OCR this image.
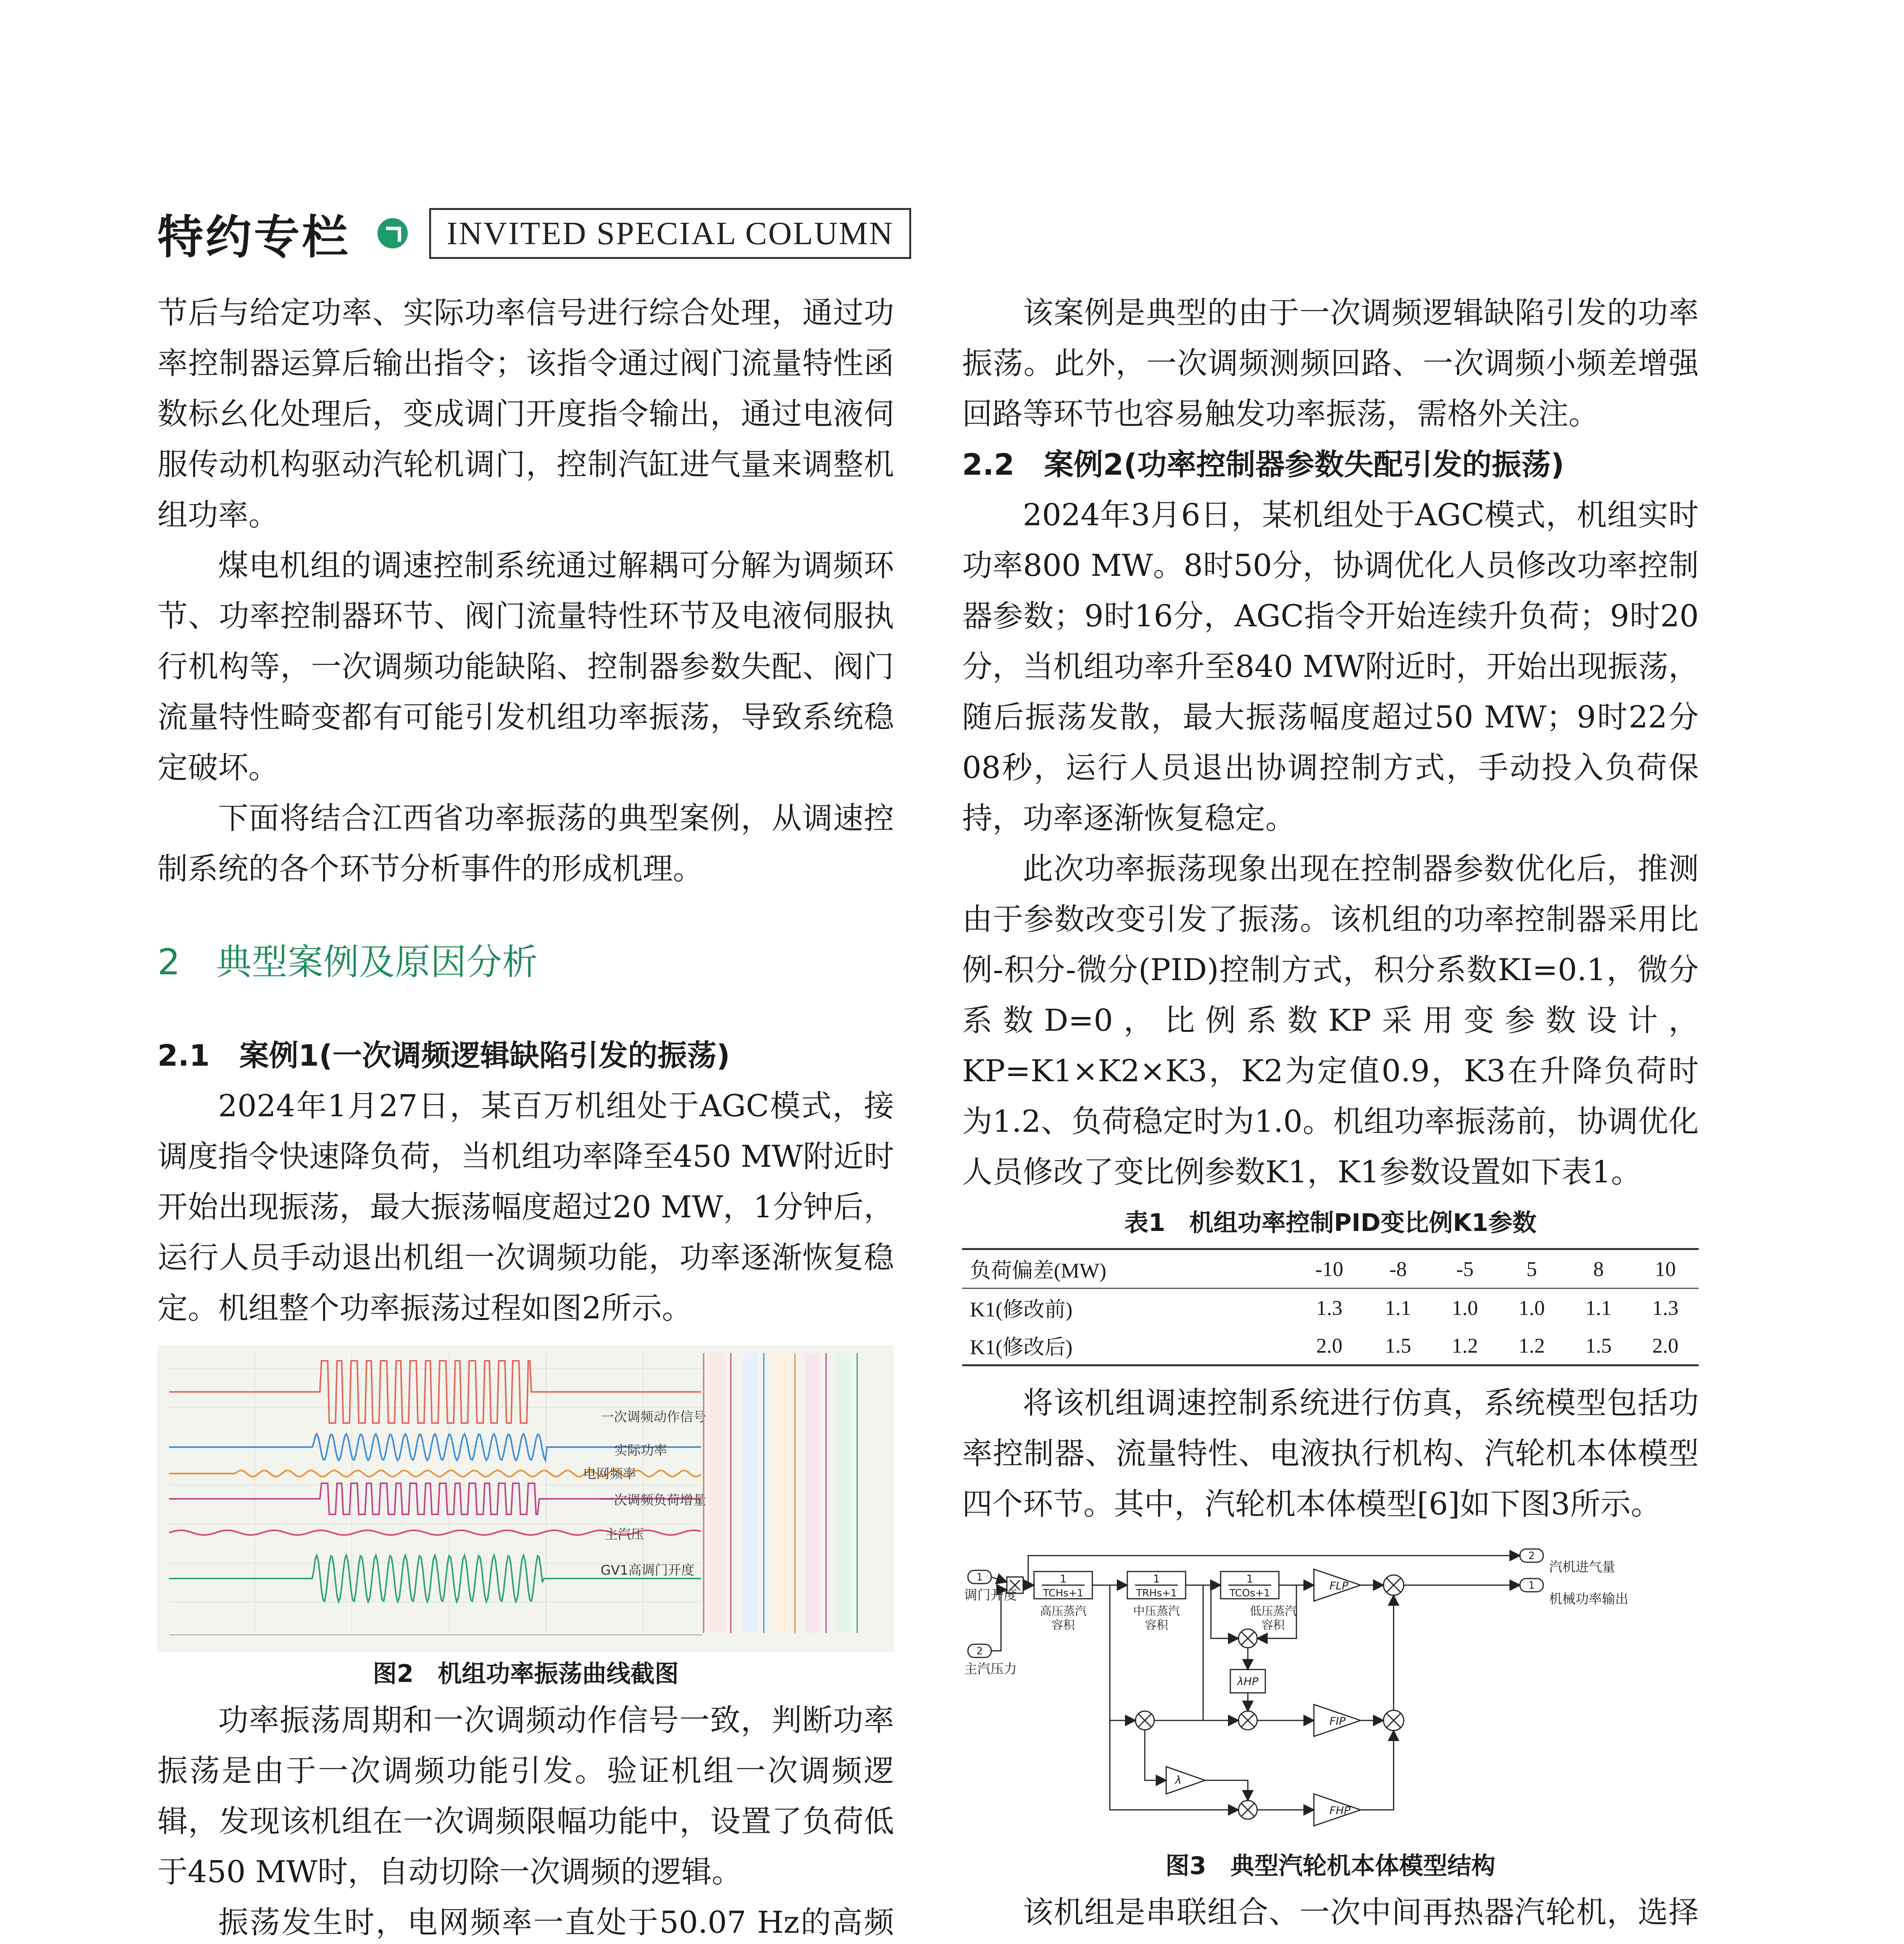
特约专栏	INVITED SPECIAL COLUMN

节后与给定功率、实际功率信号进行综合处理，通过功率控制器运算后输出指令；该指令通过阀门流量特性函数标幺化处理后，变成调门开度指令输出，通过电液伺服传动机构驱动汽轮机调门，控制汽缸进气量来调整机组功率。

煤电机组的调速控制系统通过解耦可分解为调频环节、功率控制器环节、阀门流量特性环节及电液伺服执行机构等，一次调频功能缺陷、控制器参数失配、阀门流量特性畸变都有可能引发机组功率振荡，导致系统稳定破坏。

下面将结合江西省功率振荡的典型案例，从调速控制系统的各个环节分析事件的形成机理。

2　典型案例及原因分析

2.1　案例1(一次调频逻辑缺陷引发的振荡)

2024年1月27日，某百万机组处于AGC模式，接调度指令快速降负荷，当机组功率降至450 MW附近时开始出现振荡，最大振荡幅度超过20 MW，1分钟后，运行人员手动退出机组一次调频功能，功率逐渐恢复稳定。机组整个功率振荡过程如图2所示。

一次调频动作信号
实际功率
电网频率
一次调频负荷增量
主汽压
GV1高调门开度

图2　机组功率振荡曲线截图

功率振荡周期和一次调频动作信号一致，判断功率振荡是由于一次调频功能引发。验证机组一次调频逻辑，发现该机组在一次调频限幅功能中，设置了负荷低于450 MW时，自动切除一次调频的逻辑。

振荡发生时，电网频率一直处于50.07 Hz的高频

该案例是典型的由于一次调频逻辑缺陷引发的功率振荡。此外，一次调频测频回路、一次调频小频差增强回路等环节也容易触发功率振荡，需格外关注。

2.2　案例2(功率控制器参数失配引发的振荡)

2024年3月6日，某机组处于AGC模式，机组实时功率800 MW。8时50分，协调优化人员修改功率控制器参数；9时16分，AGC指令开始连续升负荷；9时20分，当机组功率升至840 MW附近时，开始出现振荡，随后振荡发散，最大振荡幅度超过50 MW；9时22分08秒，运行人员退出协调控制方式，手动投入负荷保持，功率逐渐恢复稳定。

此次功率振荡现象出现在控制器参数优化后，推测由于参数改变引发了振荡。该机组的功率控制器采用比例-积分-微分(PID)控制方式，积分系数KI=0.1，微分系数D=0，比例系数KP采用变参数设计，KP=K1×K2×K3，K2为定值0.9，K3在升降负荷时为1.2、负荷稳定时为1.0。机组功率振荡前，协调优化人员修改了变比例参数K1，K1参数设置如下表1。

表1　机组功率控制PID变比例K1参数

负荷偏差(MW)	-10	-8	-5	5	8	10
K1(修改前)	1.3	1.1	1.0	1.0	1.1	1.3
K1(修改后)	2.0	1.5	1.2	1.2	1.5	2.0

将该机组调速控制系统进行仿真，系统模型包括功率控制器、流量特性、电液执行机构、汽轮机本体模型四个环节。其中，汽轮机本体模型[6]如下图3所示。

1
调门开度
2
主汽压力
2
汽机进气量
1
机械功率输出
1
TCHs+1
高压蒸汽
容积
1
TRHs+1
中压蒸汽
容积
1
TCOs+1
低压蒸汽
容积
FLP
FIP
FHP
λHP
λ

图3　典型汽轮机本体模型结构

该机组是串联组合、一次中间再热器汽轮机，选择
